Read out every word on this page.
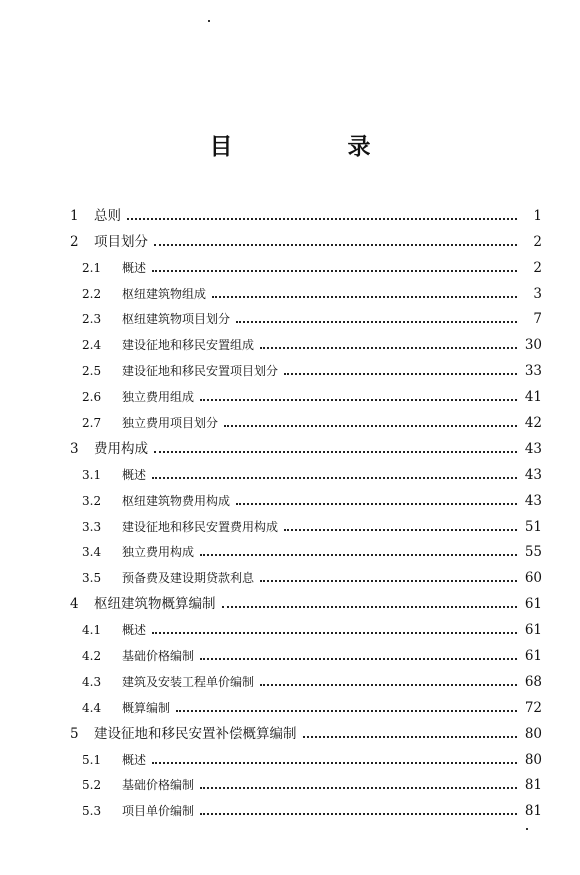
目　录
1	总则	1
2	项目划分	2
2.1	概述	2
2.2	枢纽建筑物组成	3
2.3	枢纽建筑物项目划分	7
2.4	建设征地和移民安置组成	30
2.5	建设征地和移民安置项目划分	33
2.6	独立费用组成	41
2.7	独立费用项目划分	42
3	费用构成	43
3.1	概述	43
3.2	枢纽建筑物费用构成	43
3.3	建设征地和移民安置费用构成	51
3.4	独立费用构成	55
3.5	预备费及建设期贷款利息	60
4	枢纽建筑物概算编制	61
4.1	概述	61
4.2	基础价格编制	61
4.3	建筑及安装工程单价编制	68
4.4	概算编制	72
5	建设征地和移民安置补偿概算编制	80
5.1	概述	80
5.2	基础价格编制	81
5.3	项目单价编制	81
